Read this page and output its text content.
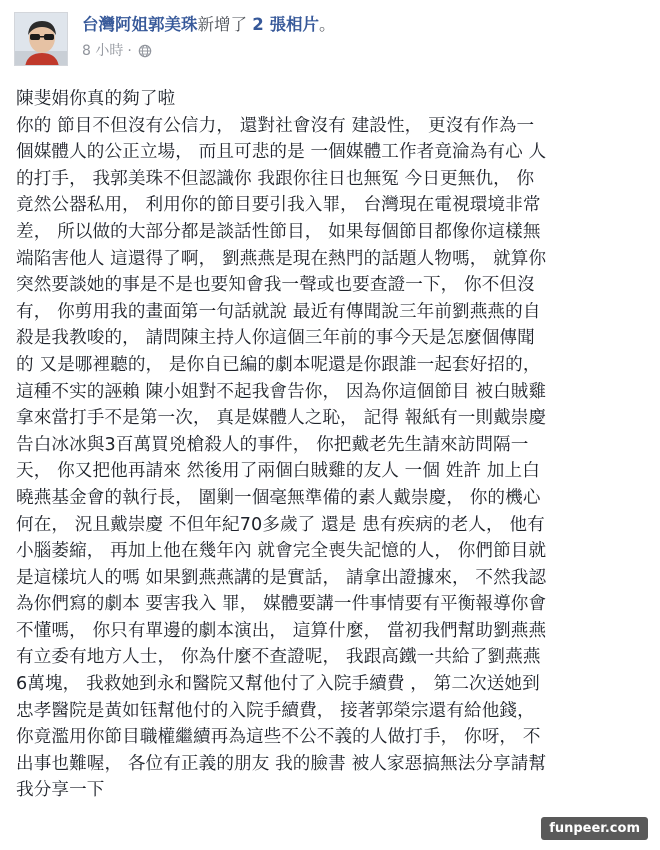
台灣阿姐郭美珠新增了 2 張相片。
8 小時 ·
陳斐娟你真的夠了啦
你的 節目不但沒有公信力， 還對社會沒有 建設性， 更沒有作為一
個媒體人的公正立場， 而且可悲的是 一個媒體工作者竟淪為有心 人
的打手， 我郭美珠不但認識你 我跟你往日也無冤 今日更無仇， 你
竟然公器私用， 利用你的節目要引我入罪， 台灣現在電視環境非常
差， 所以做的大部分都是談話性節目， 如果每個節目都像你這樣無
端陷害他人 這還得了啊， 劉燕燕是現在熱門的話題人物嗎， 就算你
突然要談她的事是不是也要知會我一聲或也要查證一下， 你不但沒
有， 你剪用我的畫面第一句話就說 最近有傳聞說三年前劉燕燕的自
殺是我教唆的， 請問陳主持人你這個三年前的事今天是怎麼個傳聞
的 又是哪裡聽的， 是你自已編的劇本呢還是你跟誰一起套好招的，
這種不实的誣賴 陳小姐對不起我會告你， 因為你這個節目 被白賊雞
拿來當打手不是第一次， 真是媒體人之恥， 記得 報紙有一則戴崇慶
告白冰冰與3百萬買兇槍殺人的事件， 你把戴老先生請來訪問隔一
天， 你又把他再請來 然後用了兩個白賊雞的友人 一個 姓許 加上白
曉燕基金會的執行長， 圍剿一個毫無準備的素人戴崇慶， 你的機心
何在， 況且戴崇慶 不但年紀70多歲了 還是 患有疾病的老人， 他有
小腦萎縮， 再加上他在幾年內 就會完全喪失記憶的人， 你們節目就
是這樣坑人的嗎 如果劉燕燕講的是實話， 請拿出證據來， 不然我認
為你們寫的劇本 要害我入 罪， 媒體要講一件事情要有平衡報導你會
不懂嗎， 你只有單邊的劇本演出， 這算什麼， 當初我們幫助劉燕燕
有立委有地方人士， 你為什麼不查證呢， 我跟高鐵一共給了劉燕燕
6萬塊， 我救她到永和醫院又幫他付了入院手續費 ， 第二次送她到
忠孝醫院是黃如钰幫他付的入院手續費， 接著郭榮宗還有給他錢，
你竟濫用你節目職權繼續再為這些不公不義的人做打手， 你呀， 不
出事也難喔， 各位有正義的朋友 我的臉書 被人家惡搞無法分享請幫
我分享一下
funpeer.com
